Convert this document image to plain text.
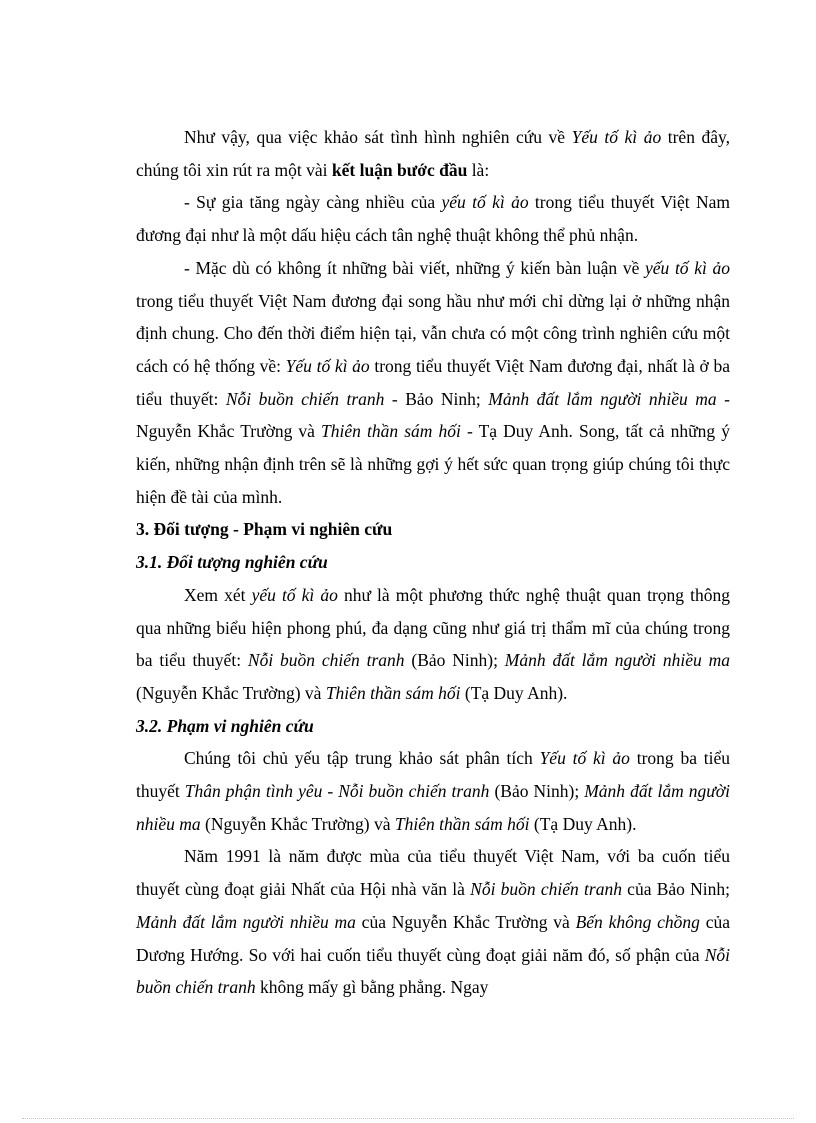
Như vậy, qua việc khảo sát tình hình nghiên cứu về Yếu tố kì ảo trên đây, chúng tôi xin rút ra một vài kết luận bước đầu là:

- Sự gia tăng ngày càng nhiều của yếu tố kì ảo trong tiểu thuyết Việt Nam đương đại như là một dấu hiệu cách tân nghệ thuật không thể phủ nhận.

- Mặc dù có không ít những bài viết, những ý kiến bàn luận về yếu tố kì ảo trong tiểu thuyết Việt Nam đương đại song hầu như mới chỉ dừng lại ở những nhận định chung. Cho đến thời điểm hiện tại, vẫn chưa có một công trình nghiên cứu một cách có hệ thống về: Yếu tố kì ảo trong tiểu thuyết Việt Nam đương đại, nhất là ở ba tiểu thuyết: Nỗi buồn chiến tranh - Bảo Ninh; Mảnh đất lắm người nhiều ma - Nguyễn Khắc Trường và Thiên thần sám hối - Tạ Duy Anh. Song, tất cả những ý kiến, những nhận định trên sẽ là những gợi ý hết sức quan trọng giúp chúng tôi thực hiện đề tài của mình.

3. Đối tượng - Phạm vi nghiên cứu

3.1. Đối tượng nghiên cứu

Xem xét yếu tố kì ảo như là một phương thức nghệ thuật quan trọng thông qua những biểu hiện phong phú, đa dạng cũng như giá trị thẩm mĩ của chúng trong ba tiểu thuyết: Nỗi buồn chiến tranh (Bảo Ninh); Mảnh đất lắm người nhiều ma (Nguyễn Khắc Trường) và Thiên thần sám hối (Tạ Duy Anh).

3.2. Phạm vi nghiên cứu

Chúng tôi chủ yếu tập trung khảo sát phân tích Yếu tố kì ảo trong ba tiểu thuyết Thân phận tình yêu - Nỗi buồn chiến tranh (Bảo Ninh); Mảnh đất lắm người nhiều ma (Nguyễn Khắc Trường) và Thiên thần sám hối (Tạ Duy Anh).

Năm 1991 là năm được mùa của tiểu thuyết Việt Nam, với ba cuốn tiểu thuyết cùng đoạt giải Nhất của Hội nhà văn là Nỗi buồn chiến tranh của Bảo Ninh; Mảnh đất lắm người nhiều ma của Nguyễn Khắc Trường và Bến không chồng của Dương Hướng. So với hai cuốn tiểu thuyết cùng đoạt giải năm đó, số phận của Nỗi buồn chiến tranh không mấy gì bằng phẳng. Ngay
